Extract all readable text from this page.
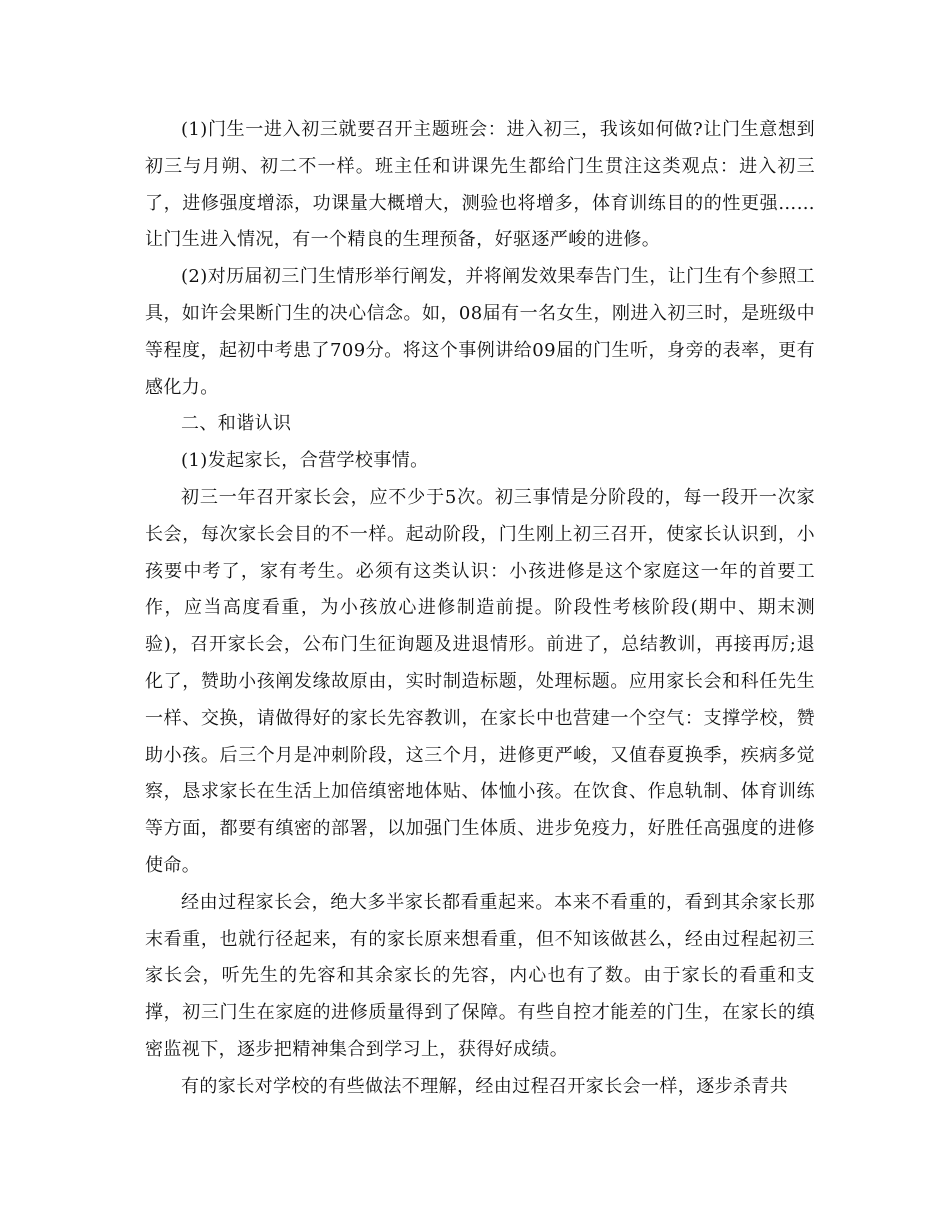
(1)门生一进入初三就要召开主题班会：进入初三，我该如何做?让门生意想到初三与月朔、初二不一样。班主任和讲课先生都给门生贯注这类观点：进入初三了，进修强度增添，功课量大概增大，测验也将增多，体育训练目的的性更强……让门生进入情况，有一个精良的生理预备，好驱逐严峻的进修。

(2)对历届初三门生情形举行阐发，并将阐发效果奉告门生，让门生有个参照工具，如许会果断门生的决心信念。如，08届有一名女生，刚进入初三时，是班级中等程度，起初中考患了709分。将这个事例讲给09届的门生听，身旁的表率，更有感化力。

二、和谐认识

(1)发起家长，合营学校事情。

初三一年召开家长会，应不少于5次。初三事情是分阶段的，每一段开一次家长会，每次家长会目的不一样。起动阶段，门生刚上初三召开，使家长认识到，小孩要中考了，家有考生。必须有这类认识：小孩进修是这个家庭这一年的首要工作，应当高度看重，为小孩放心进修制造前提。阶段性考核阶段(期中、期末测验)，召开家长会，公布门生征询题及进退情形。前进了，总结教训，再接再厉;退化了，赞助小孩阐发缘故原由，实时制造标题，处理标题。应用家长会和科任先生一样、交换，请做得好的家长先容教训，在家长中也营建一个空气：支撑学校，赞助小孩。后三个月是冲刺阶段，这三个月，进修更严峻，又值春夏换季，疾病多觉察，恳求家长在生活上加倍缜密地体贴、体恤小孩。在饮食、作息轨制、体育训练等方面，都要有缜密的部署，以加强门生体质、进步免疫力，好胜任高强度的进修使命。

经由过程家长会，绝大多半家长都看重起来。本来不看重的，看到其余家长那末看重，也就行径起来，有的家长原来想看重，但不知该做甚么，经由过程起初三家长会，听先生的先容和其余家长的先容，内心也有了数。由于家长的看重和支撑，初三门生在家庭的进修质量得到了保障。有些自控才能差的门生，在家长的缜密监视下，逐步把精神集合到学习上，获得好成绩。

有的家长对学校的有些做法不理解，经由过程召开家长会一样，逐步杀青共
